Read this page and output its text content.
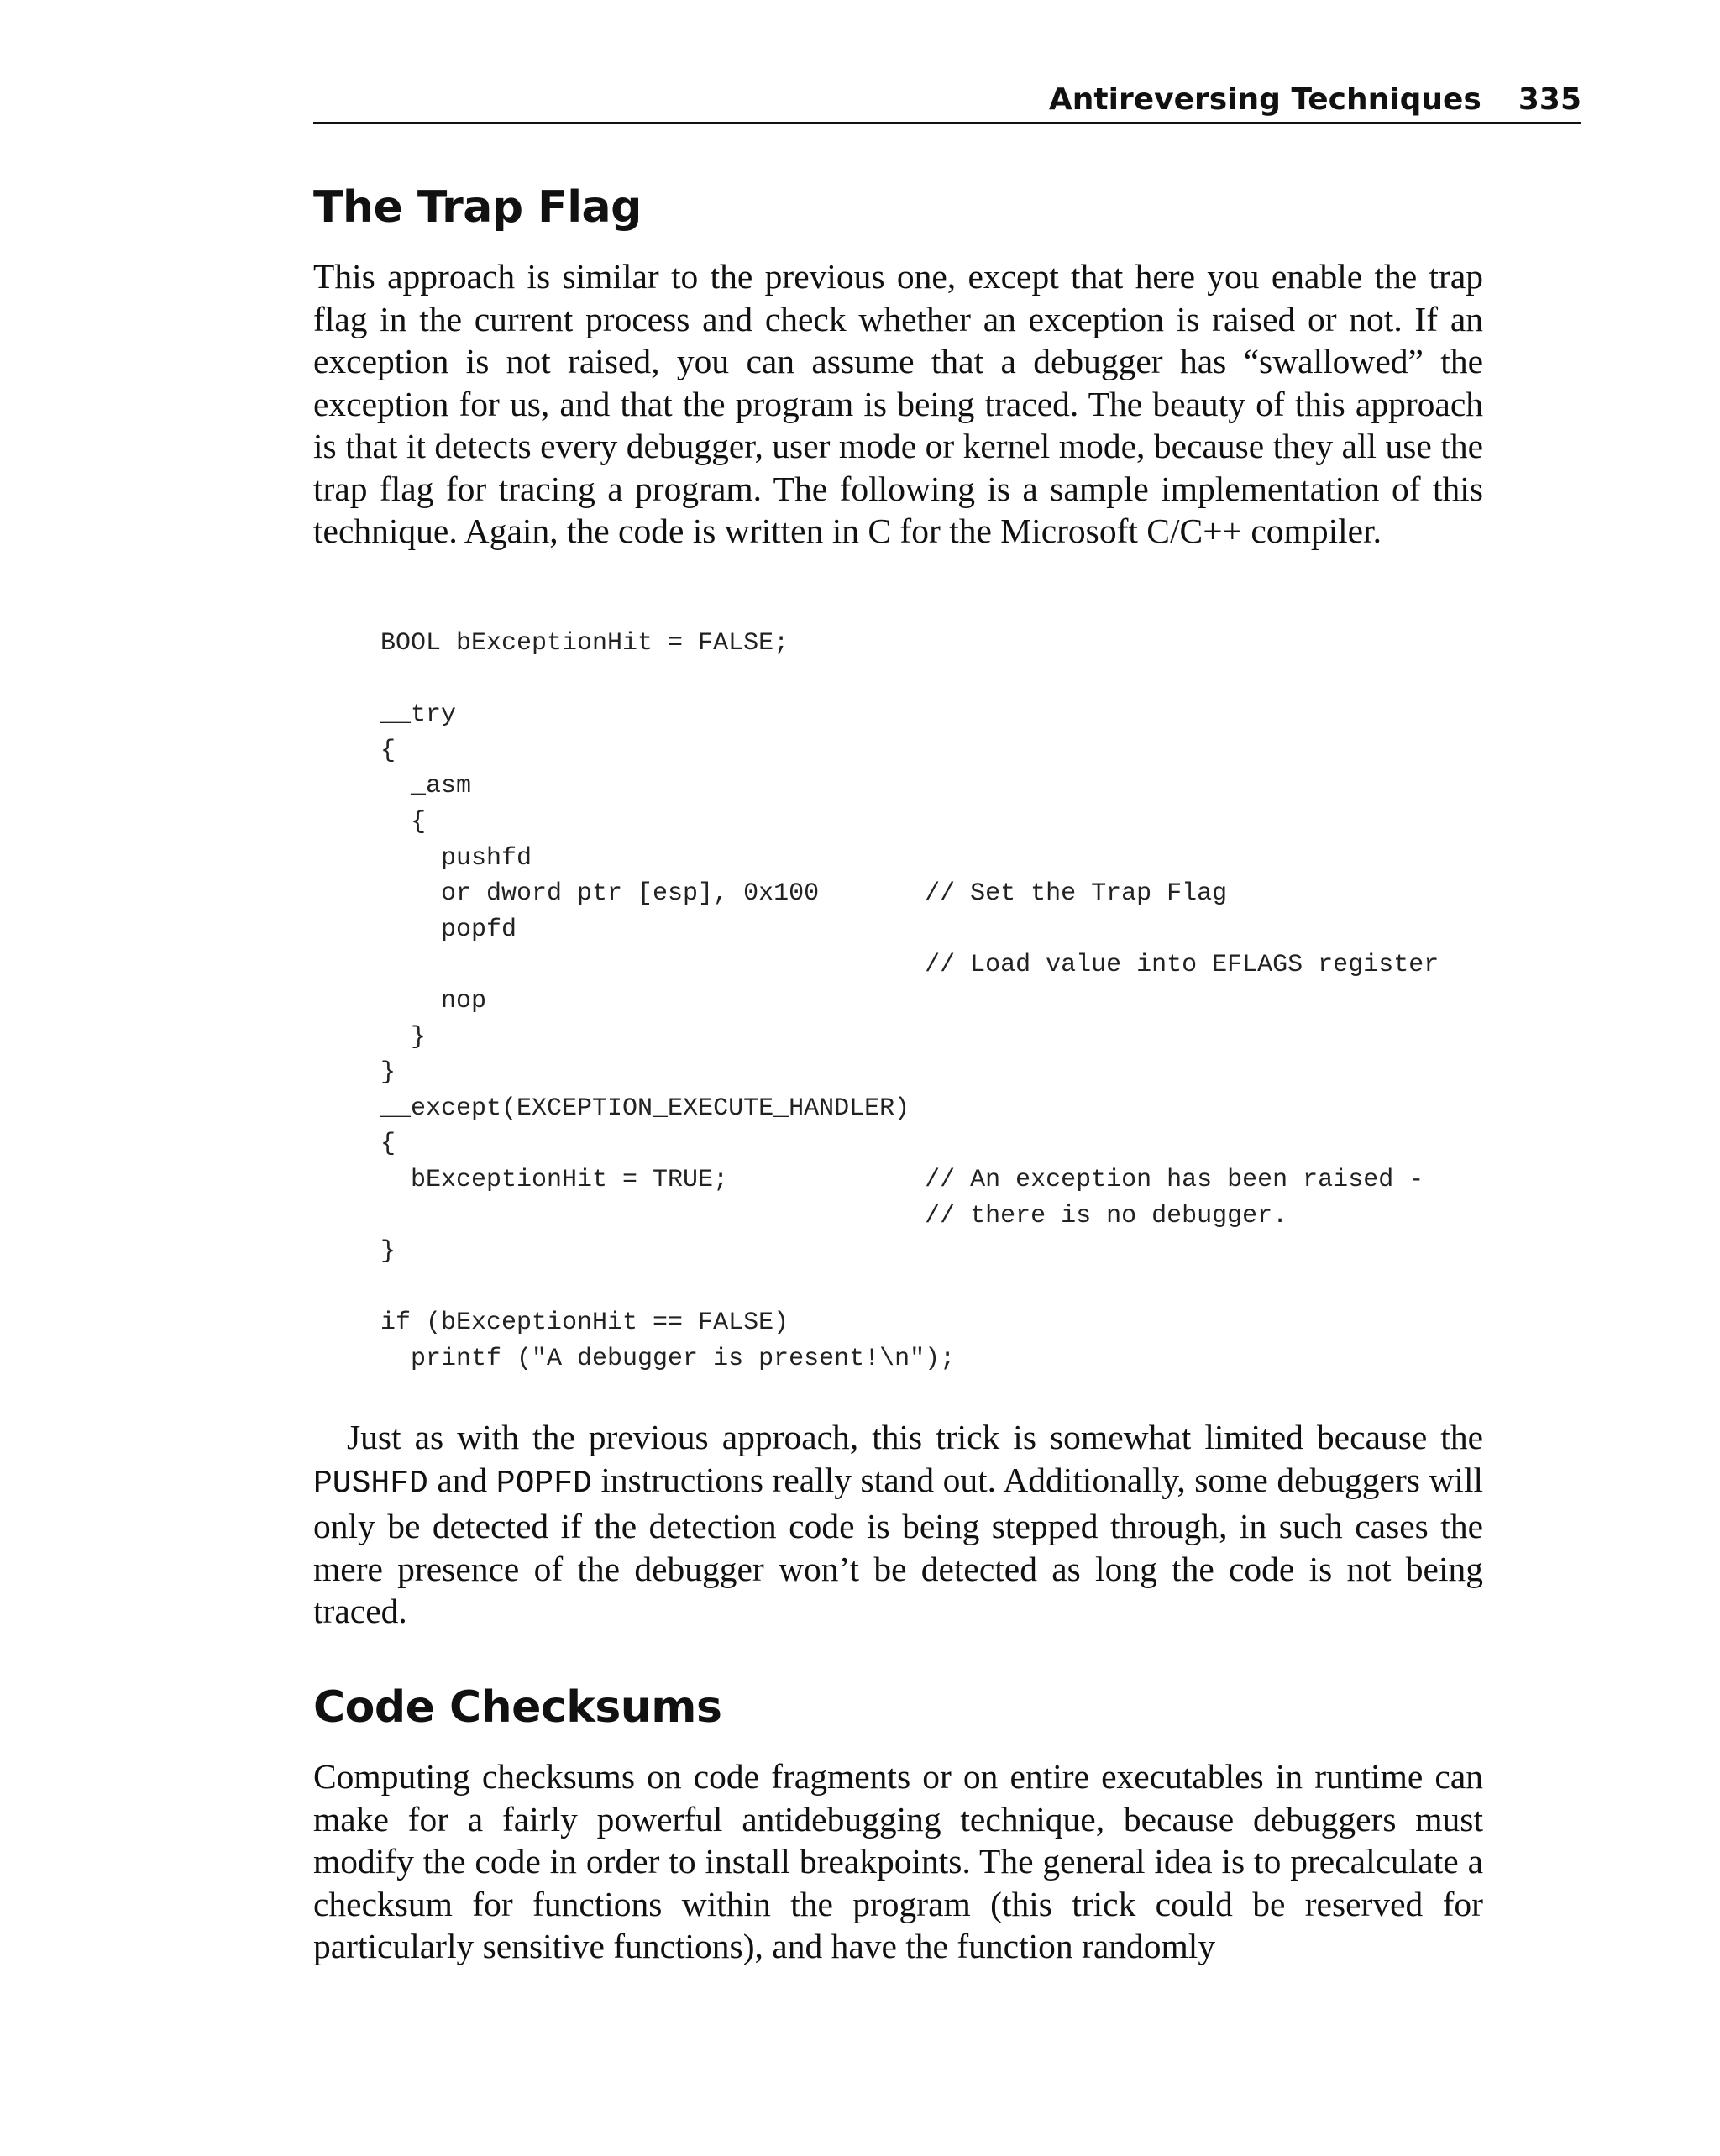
Antireversing Techniques 335
The Trap Flag

This approach is similar to the previous one, except that here you enable the trap flag in the current process and check whether an exception is raised or not. If an exception is not raised, you can assume that a debugger has “swallowed” the exception for us, and that the program is being traced. The beauty of this approach is that it detects every debugger, user mode or kernel mode, because they all use the trap flag for tracing a program. The following is a sample implementation of this technique. Again, the code is written in C for the Microsoft C/C++ compiler.

BOOL bExceptionHit = FALSE;
__try
{
_asm
{
pushfd
or dword ptr [esp], 0x100       // Set the Trap Flag
popfd
// Load value into EFLAGS register
nop
}
}
__except(EXCEPTION_EXECUTE_HANDLER)
{
bExceptionHit = TRUE;             // An exception has been raised -
// there is no debugger.
}
if (bExceptionHit == FALSE)
printf ("A debugger is present!\n");

Just as with the previous approach, this trick is somewhat limited because the PUSHFD and POPFD instructions really stand out. Additionally, some debuggers will only be detected if the detection code is being stepped through, in such cases the mere presence of the debugger won’t be detected as long the code is not being traced.

Code Checksums

Computing checksums on code fragments or on entire executables in runtime can make for a fairly powerful antidebugging technique, because debuggers must modify the code in order to install breakpoints. The general idea is to precalculate a checksum for functions within the program (this trick could be reserved for particularly sensitive functions), and have the function randomly
